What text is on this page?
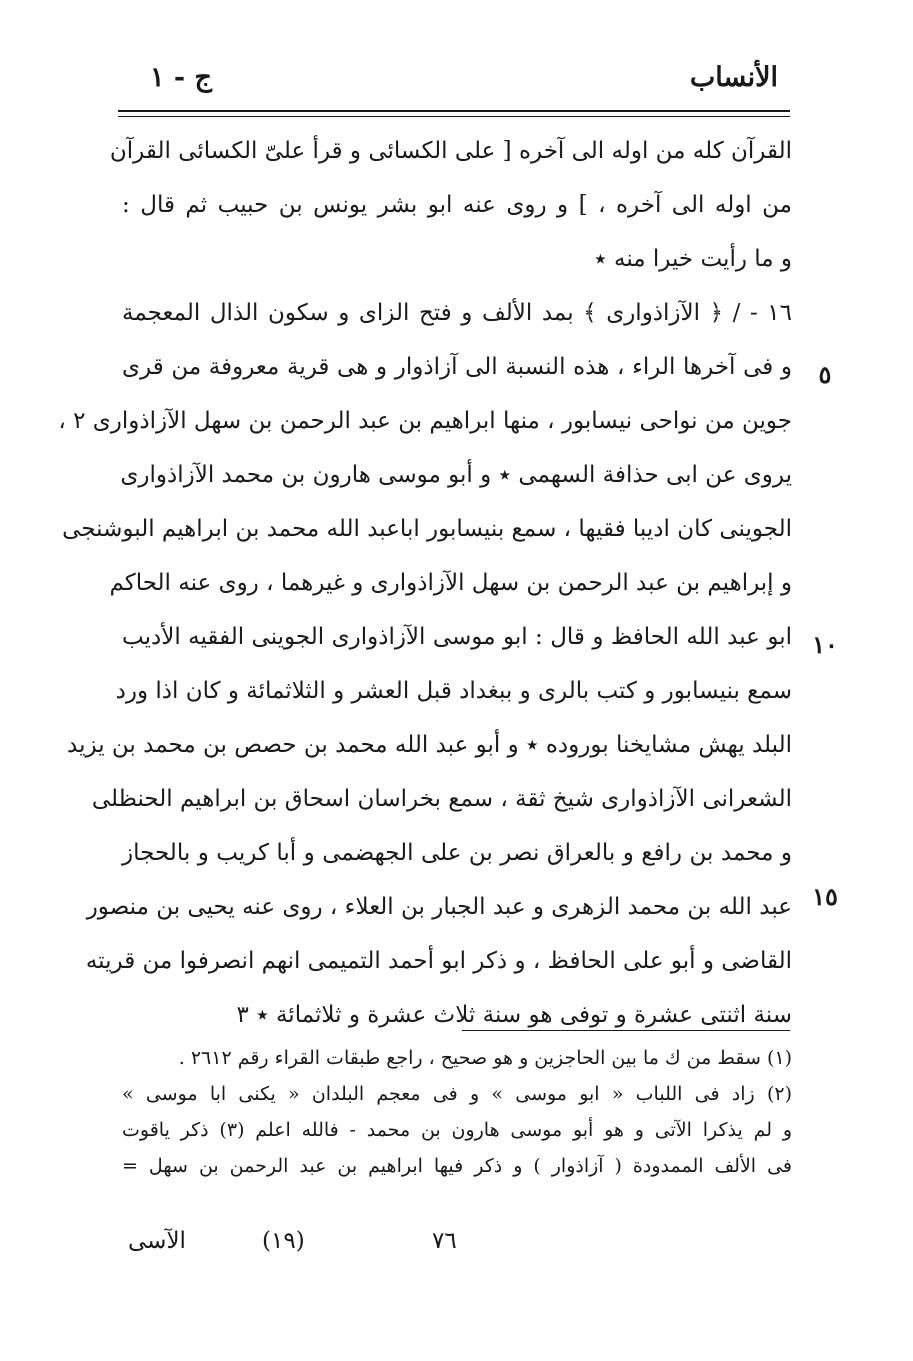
الأنساب
ج - ١
القرآن كله من اوله الى آخره [ على الكسائى و قرأ علىّ الكسائى القرآن
من اوله الى آخره ، ] و روى عنه ابو بشر يونس بن حبيب ثم قال :
و ما رأيت خيرا منه ٭
١٦ - / ﴿ الآزاذوارى ﴾ بمد الألف و فتح الزاى و سكون الذال المعجمة
و فى آخرها الراء ، هذه النسبة الى آزاذوار و هى قرية معروفة من قرى
جوين من نواحى نيسابور ، منها ابراهيم بن عبد الرحمن بن سهل الآزاذوارى ٢ ،
يروى عن ابى حذافة السهمى ٭ و أبو موسى هارون بن محمد الآزاذوارى
الجوينى كان اديبا فقيها ، سمع بنيسابور اباعبد الله محمد بن ابراهيم البوشنجى
و إبراهيم بن عبد الرحمن بن سهل الآزاذوارى و غيرهما ، روى عنه الحاكم
ابو عبد الله الحافظ و قال : ابو موسى الآزاذوارى الجوينى الفقيه الأديب
سمع بنيسابور و كتب بالرى و ببغداد قبل العشر و الثلاثمائة و كان اذا ورد
البلد يهش مشايخنا بوروده ٭ و أبو عبد الله محمد بن حصص بن محمد بن يزيد
الشعرانى الآزاذوارى شيخ ثقة ، سمع بخراسان اسحاق بن ابراهيم الحنظلى
و محمد بن رافع و بالعراق نصر بن على الجهضمى و أبا كريب و بالحجاز
عبد الله بن محمد الزهرى و عبد الجبار بن العلاء ، روى عنه يحيى بن منصور
القاضى و أبو على الحافظ ، و ذكر ابو أحمد التميمى انهم انصرفوا من قريته
سنة اثنتى عشرة و توفى هو سنة ثلاث عشرة و ثلاثمائة ٭ ٣
٥
١٠
١٥
(١) سقط من ك ما بين الحاجزين و هو صحيح ، راجع طبقات القراء رقم ٢٦١٢ .
(٢) زاد فى اللباب « ابو موسى » و فى معجم البلدان « يكنى ابا موسى »
و لم يذكرا الآتى و هو أبو موسى هارون بن محمد - فالله اعلم (٣) ذكر ياقوت
فى الألف الممدودة ( آزاذوار ) و ذكر فيها ابراهيم بن عبد الرحمن بن سهل =
الآسى	(١٩)	٧٦
